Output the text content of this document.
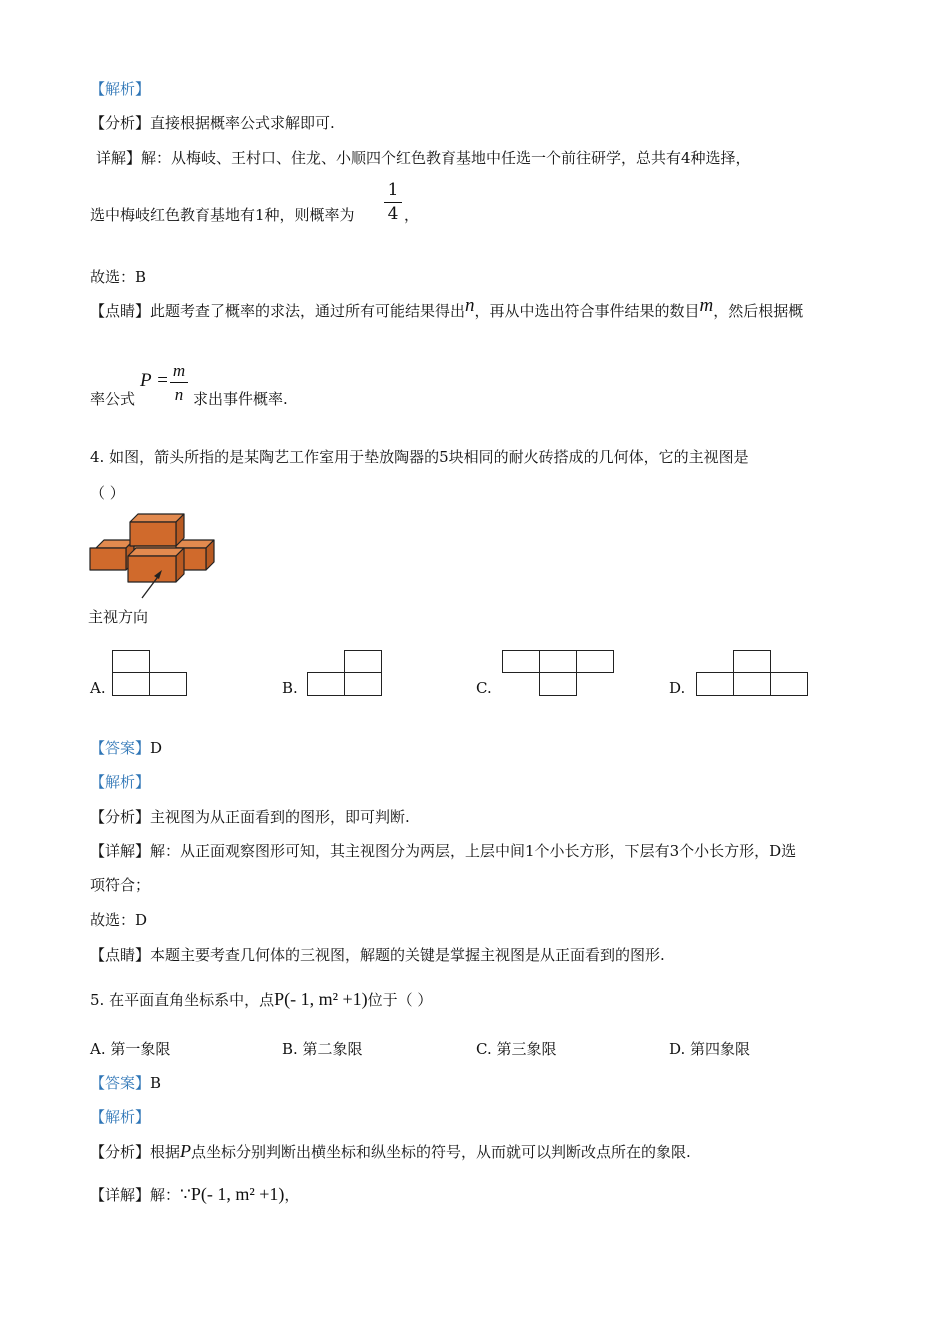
【解析】
【分析】直接根据概率公式求解即可.
详解】解：从梅岐、王村口、住龙、小顺四个红色教育基地中任选一个前往研学，总共有4种选择，
选中梅岐红色教育基地有1种，则概率为
1
4 ，
故选：B
【点睛】此题考查了概率的求法，通过所有可能结果得出n，再从中选出符合事件结果的数目m，然后根据概
率公式
P = m
n 求出事件概率.
4. 如图，箭头所指的是某陶艺工作室用于垫放陶器的5块相同的耐火砖搭成的几何体，它的主视图是
（ ）
主视方向
A.	B.	C.	D.
【答案】D
【解析】
【分析】主视图为从正面看到的图形，即可判断.
【详解】解：从正面观察图形可知，其主视图分为两层，上层中间1个小长方形，下层有3个小长方形，D选
项符合；
故选：D
【点睛】本题主要考查几何体的三视图，解题的关键是掌握主视图是从正面看到的图形.
5. 在平面直角坐标系中，点P(- 1, m² +1)位于（ ）
A. 第一象限	B. 第二象限	C. 第三象限	D. 第四象限
【答案】B
【解析】
【分析】根据P点坐标分别判断出横坐标和纵坐标的符号，从而就可以判断改点所在的象限.
【详解】解：∵P(- 1, m² +1)，
